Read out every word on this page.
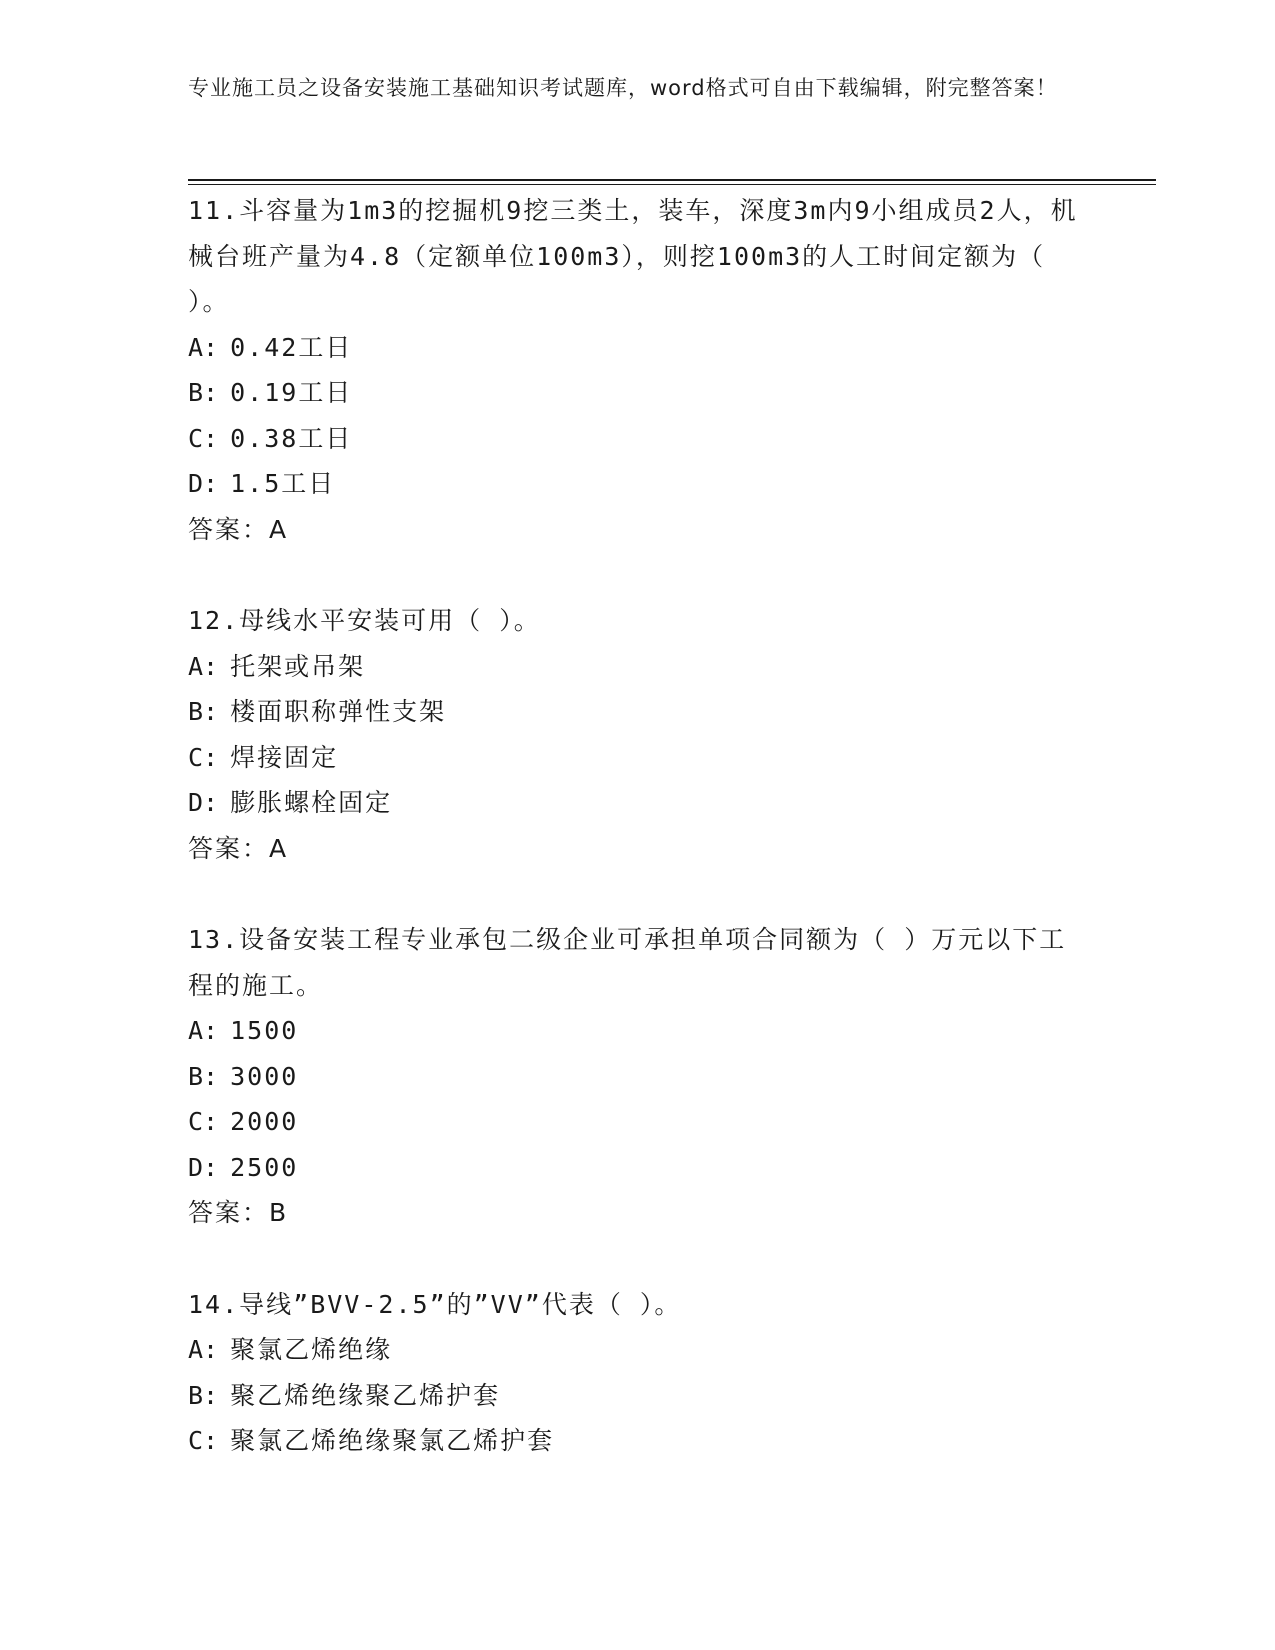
专业施工员之设备安装施工基础知识考试题库，word格式可自由下载编辑，附完整答案！

11.斗容量为1m3的挖掘机9挖三类土，装车，深度3m内9小组成员2人，机械台班产量为4.8（定额单位100m3），则挖100m3的人工时间定额为（ ）。

A: 0.42工日

B: 0.19工日

C: 0.38工日

D: 1.5工日

答案：A

12.母线水平安装可用（ ）。

A: 托架或吊架

B: 楼面职称弹性支架

C: 焊接固定

D: 膨胀螺栓固定

答案：A

13.设备安装工程专业承包二级企业可承担单项合同额为（ ）万元以下工程的施工。

A: 1500

B: 3000

C: 2000

D: 2500

答案：B

14.导线”BVV-2.5”的”VV”代表（ ）。

A: 聚氯乙烯绝缘

B: 聚乙烯绝缘聚乙烯护套

C: 聚氯乙烯绝缘聚氯乙烯护套
